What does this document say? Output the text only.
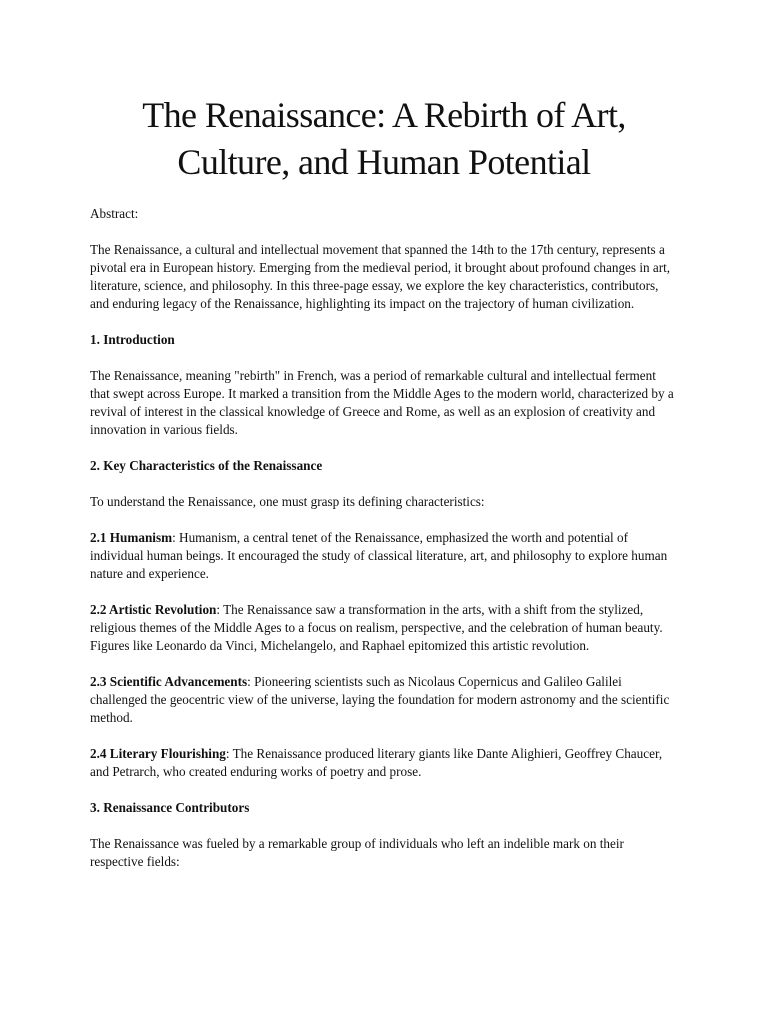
The Renaissance: A Rebirth of Art,
Culture, and Human Potential

Abstract:

The Renaissance, a cultural and intellectual movement that spanned the 14th to the 17th century, represents a pivotal era in European history. Emerging from the medieval period, it brought about profound changes in art, literature, science, and philosophy. In this three-page essay, we explore the key characteristics, contributors, and enduring legacy of the Renaissance, highlighting its impact on the trajectory of human civilization.

1. Introduction

The Renaissance, meaning "rebirth" in French, was a period of remarkable cultural and intellectual ferment that swept across Europe. It marked a transition from the Middle Ages to the modern world, characterized by a revival of interest in the classical knowledge of Greece and Rome, as well as an explosion of creativity and innovation in various fields.

2. Key Characteristics of the Renaissance

To understand the Renaissance, one must grasp its defining characteristics:

2.1 Humanism: Humanism, a central tenet of the Renaissance, emphasized the worth and potential of individual human beings. It encouraged the study of classical literature, art, and philosophy to explore human nature and experience.

2.2 Artistic Revolution: The Renaissance saw a transformation in the arts, with a shift from the stylized, religious themes of the Middle Ages to a focus on realism, perspective, and the celebration of human beauty. Figures like Leonardo da Vinci, Michelangelo, and Raphael epitomized this artistic revolution.

2.3 Scientific Advancements: Pioneering scientists such as Nicolaus Copernicus and Galileo Galilei challenged the geocentric view of the universe, laying the foundation for modern astronomy and the scientific method.

2.4 Literary Flourishing: The Renaissance produced literary giants like Dante Alighieri, Geoffrey Chaucer, and Petrarch, who created enduring works of poetry and prose.

3. Renaissance Contributors

The Renaissance was fueled by a remarkable group of individuals who left an indelible mark on their respective fields:
